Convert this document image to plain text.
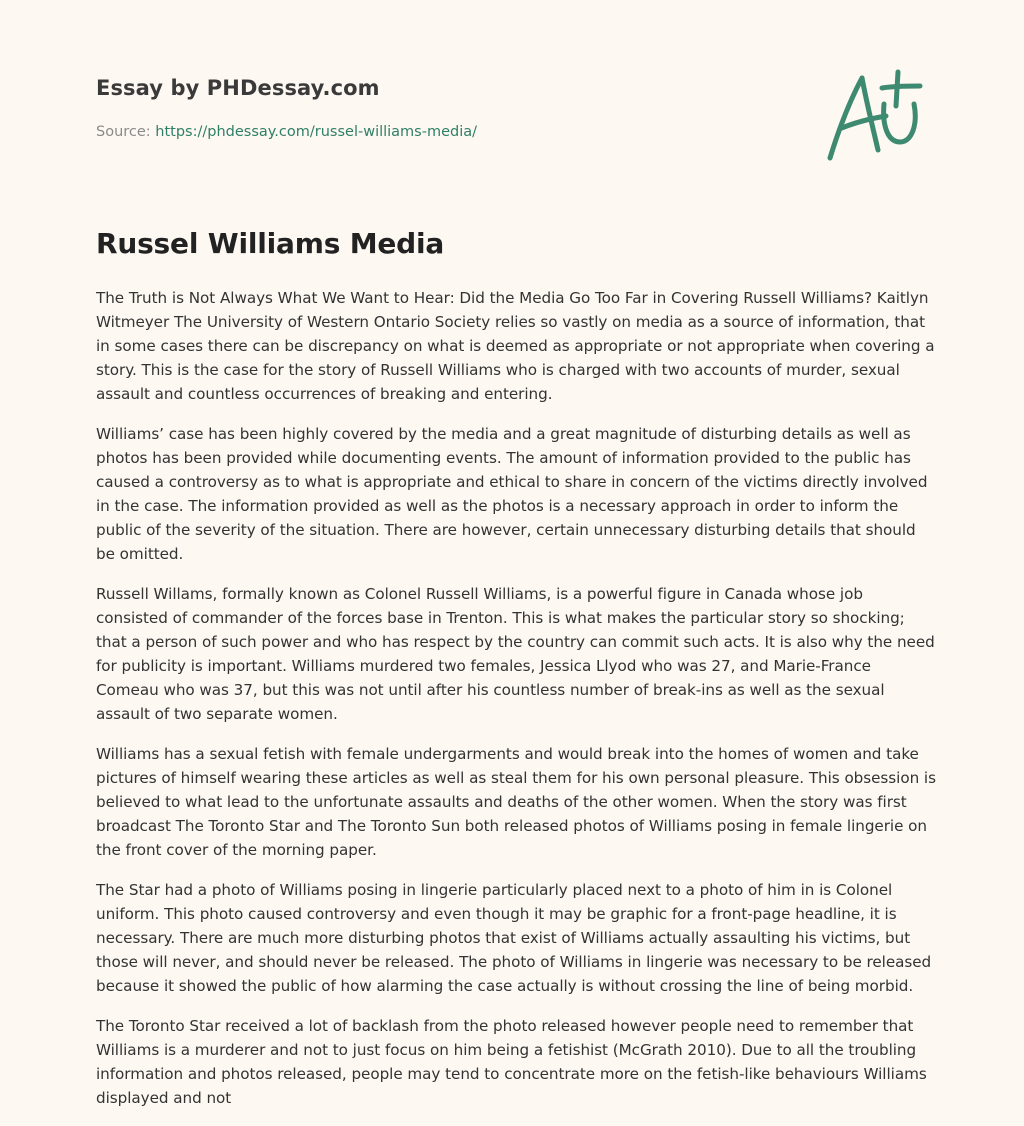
Essay by PHDessay.com
Source: https://phdessay.com/russel-williams-media/
Russel Williams Media

The Truth is Not Always What We Want to Hear: Did the Media Go Too Far in Covering Russell Williams? Kaitlyn Witmeyer The University of Western Ontario Society relies so vastly on media as a source of information, that in some cases there can be discrepancy on what is deemed as appropriate or not appropriate when covering a story. This is the case for the story of Russell Williams who is charged with two accounts of murder, sexual assault and countless occurrences of breaking and entering.

Williams’ case has been highly covered by the media and a great magnitude of disturbing details as well as photos has been provided while documenting events. The amount of information provided to the public has caused a controversy as to what is appropriate and ethical to share in concern of the victims directly involved in the case. The information provided as well as the photos is a necessary approach in order to inform the public of the severity of the situation. There are however, certain unnecessary disturbing details that should be omitted.

Russell Willams, formally known as Colonel Russell Williams, is a powerful figure in Canada whose job consisted of commander of the forces base in Trenton. This is what makes the particular story so shocking; that a person of such power and who has respect by the country can commit such acts. It is also why the need for publicity is important. Williams murdered two females, Jessica Llyod who was 27, and Marie-France Comeau who was 37, but this was not until after his countless number of break-ins as well as the sexual assault of two separate women.

Williams has a sexual fetish with female undergarments and would break into the homes of women and take pictures of himself wearing these articles as well as steal them for his own personal pleasure. This obsession is believed to what lead to the unfortunate assaults and deaths of the other women. When the story was first broadcast The Toronto Star and The Toronto Sun both released photos of Williams posing in female lingerie on the front cover of the morning paper.

The Star had a photo of Williams posing in lingerie particularly placed next to a photo of him in is Colonel uniform. This photo caused controversy and even though it may be graphic for a front-page headline, it is necessary. There are much more disturbing photos that exist of Williams actually assaulting his victims, but those will never, and should never be released. The photo of Williams in lingerie was necessary to be released because it showed the public of how alarming the case actually is without crossing the line of being morbid.

The Toronto Star received a lot of backlash from the photo released however people need to remember that Williams is a murderer and not to just focus on him being a fetishist (McGrath 2010). Due to all the troubling information and photos released, people may tend to concentrate more on the fetish-like behaviours Williams displayed and not
